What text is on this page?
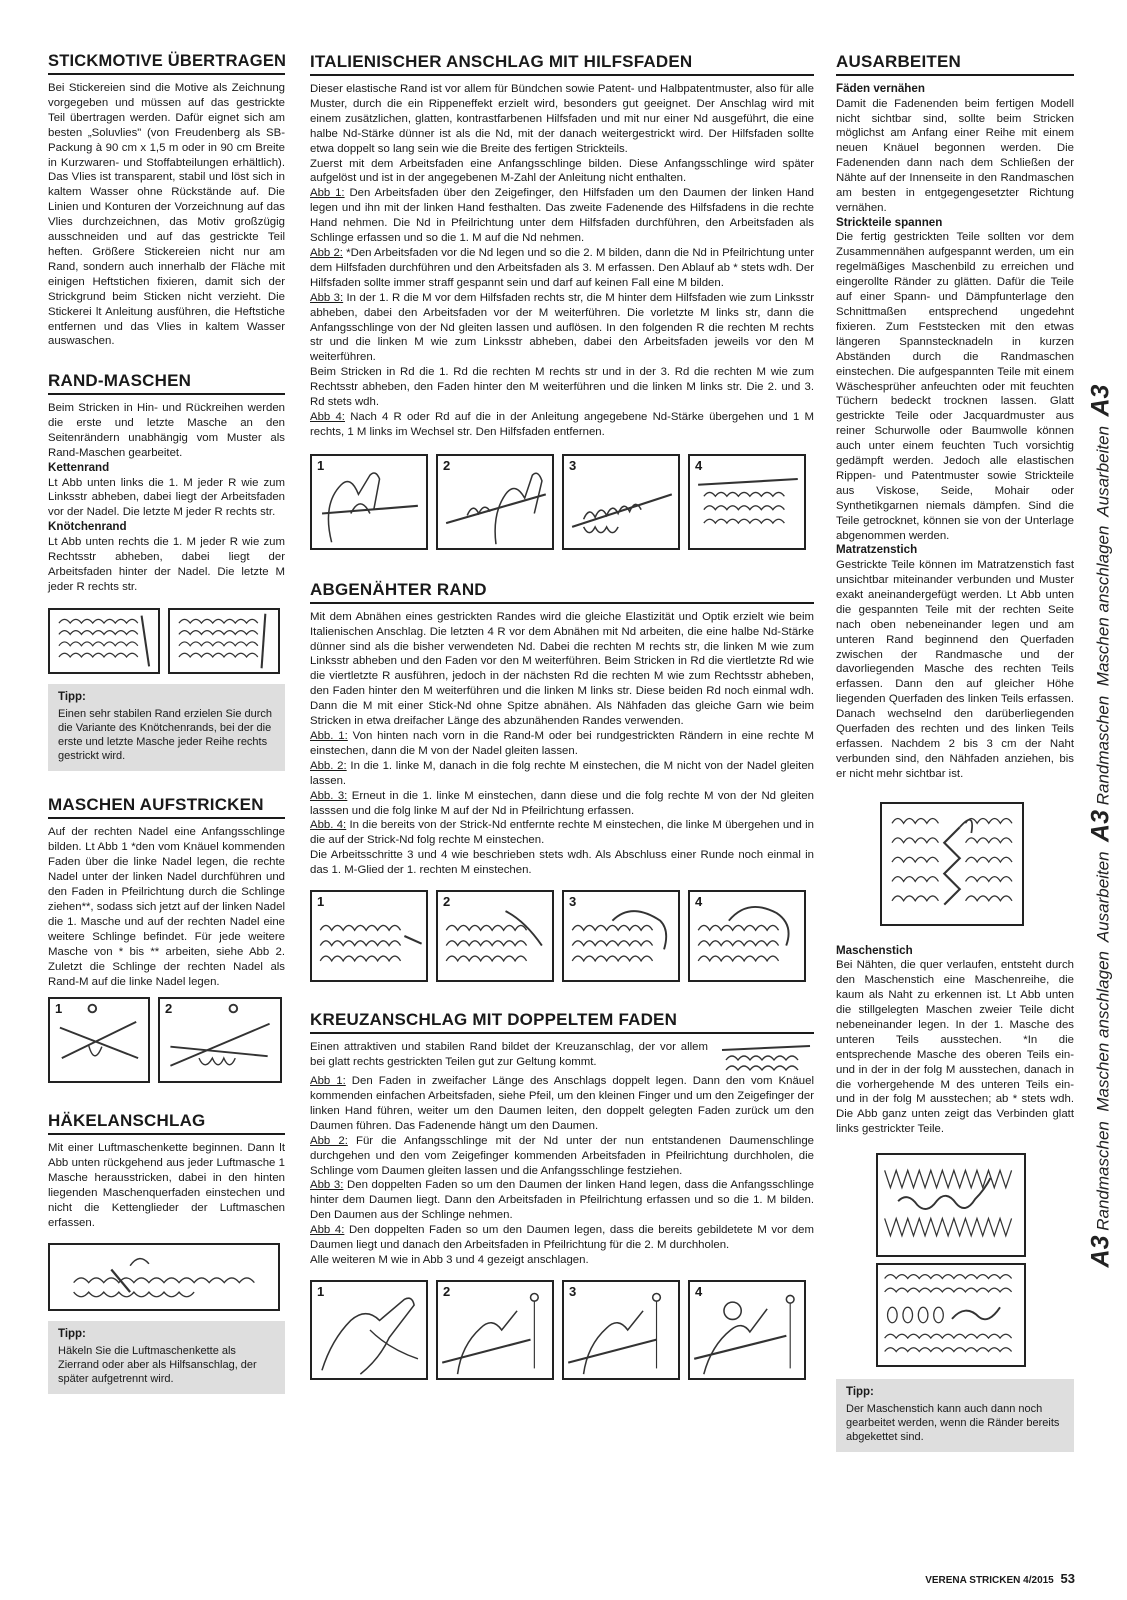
STICKMOTIVE ÜBERTRAGEN
Bei Stickereien sind die Motive als Zeichnung vorgegeben und müssen auf das gestrickte Teil übertragen werden. Dafür eignet sich am besten „Soluvlies" (von Freudenberg als SB-Packung à 90 cm x 1,5 m oder in 90 cm Breite in Kurzwaren- und Stoffabteilungen erhältlich). Das Vlies ist transparent, stabil und löst sich in kaltem Wasser ohne Rückstände auf. Die Linien und Konturen der Vorzeichnung auf das Vlies durchzeichnen, das Motiv großzügig ausschneiden und auf das gestrickte Teil heften. Größere Stickereien nicht nur am Rand, sondern auch innerhalb der Fläche mit einigen Heftstichen fixieren, damit sich der Strickgrund beim Sticken nicht verzieht. Die Stickerei lt Anleitung ausführen, die Heftstiche entfernen und das Vlies in kaltem Wasser auswaschen.
RAND-MASCHEN
Beim Stricken in Hin- und Rückreihen werden die erste und letzte Masche an den Seitenrändern unabhängig vom Muster als Rand-Maschen gearbeitet.
Kettenrand
Lt Abb unten links die 1. M jeder R wie zum Linksstr abheben, dabei liegt der Arbeitsfaden vor der Nadel. Die letzte M jeder R rechts str.
Knötchenrand
Lt Abb unten rechts die 1. M jeder R wie zum Rechtsstr abheben, dabei liegt der Arbeitsfaden hinter der Nadel. Die letzte M jeder R rechts str.
Tipp:
Einen sehr stabilen Rand erzielen Sie durch die Variante des Knötchenrands, bei der die erste und letzte Masche jeder Reihe rechts gestrickt wird.
MASCHEN AUFSTRICKEN
Auf der rechten Nadel eine Anfangsschlinge bilden. Lt Abb 1 *den vom Knäuel kommenden Faden über die linke Nadel legen, die rechte Nadel unter der linken Nadel durchführen und den Faden in Pfeilrichtung durch die Schlinge ziehen**, sodass sich jetzt auf der linken Nadel die 1. Masche und auf der rechten Nadel eine weitere Schlinge befindet. Für jede weitere Masche von * bis ** arbeiten, siehe Abb 2. Zuletzt die Schlinge der rechten Nadel als Rand-M auf die linke Nadel legen.
1	2
HÄKELANSCHLAG
Mit einer Luftmaschenkette beginnen. Dann lt Abb unten rückgehend aus jeder Luftmasche 1 Masche herausstricken, dabei in den hinten liegenden Maschenquerfaden einstechen und nicht die Kettenglieder der Luftmaschen erfassen.
Tipp:
Häkeln Sie die Luftmaschenkette als Zierrand oder aber als Hilfsanschlag, der später aufgetrennt wird.
ITALIENISCHER ANSCHLAG MIT HILFSFADEN
Dieser elastische Rand ist vor allem für Bündchen sowie Patent- und Halbpatentmuster, also für alle Muster, durch die ein Rippeneffekt erzielt wird, besonders gut geeignet. Der Anschlag wird mit einem zusätzlichen, glatten, kontrastfarbenen Hilfsfaden und mit nur einer Nd ausgeführt, die eine halbe Nd-Stärke dünner ist als die Nd, mit der danach weitergestrickt wird. Der Hilfsfaden sollte etwa doppelt so lang sein wie die Breite des fertigen Strickteils.
Zuerst mit dem Arbeitsfaden eine Anfangsschlinge bilden. Diese Anfangsschlinge wird später aufgelöst und ist in der angegebenen M-Zahl der Anleitung nicht enthalten.
Abb 1: Den Arbeitsfaden über den Zeigefinger, den Hilfsfaden um den Daumen der linken Hand legen und ihn mit der linken Hand festhalten. Das zweite Fadenende des Hilfsfadens in die rechte Hand nehmen. Die Nd in Pfeilrichtung unter dem Hilfsfaden durchführen, den Arbeitsfaden als Schlinge erfassen und so die 1. M auf die Nd nehmen.
Abb 2: *Den Arbeitsfaden vor die Nd legen und so die 2. M bilden, dann die Nd in Pfeilrichtung unter dem Hilfsfaden durchführen und den Arbeitsfaden als 3. M erfassen. Den Ablauf ab * stets wdh. Der Hilfsfaden sollte immer straff gespannt sein und darf auf keinen Fall eine M bilden.
Abb 3: In der 1. R die M vor dem Hilfsfaden rechts str, die M hinter dem Hilfsfaden wie zum Linksstr abheben, dabei den Arbeitsfaden vor der M weiterführen. Die vorletzte M links str, dann die Anfangsschlinge von der Nd gleiten lassen und auflösen. In den folgenden R die rechten M rechts str und die linken M wie zum Linksstr abheben, dabei den Arbeitsfaden jeweils vor den M weiterführen.
Beim Stricken in Rd die 1. Rd die rechten M rechts str und in der 3. Rd die rechten M wie zum Rechtsstr abheben, den Faden hinter den M weiterführen und die linken M links str. Die 2. und 3. Rd stets wdh.
Abb 4: Nach 4 R oder Rd auf die in der Anleitung angegebene Nd-Stärke übergehen und 1 M rechts, 1 M links im Wechsel str. Den Hilfsfaden entfernen.
1	2	3	4
ABGENÄHTER RAND
Mit dem Abnähen eines gestrickten Randes wird die gleiche Elastizität und Optik erzielt wie beim Italienischen Anschlag. Die letzten 4 R vor dem Abnähen mit Nd arbeiten, die eine halbe Nd-Stärke dünner sind als die bisher verwendeten Nd. Dabei die rechten M rechts str, die linken M wie zum Linksstr abheben und den Faden vor den M weiterführen. Beim Stricken in Rd die viertletzte Rd wie die viertletzte R ausführen, jedoch in der nächsten Rd die rechten M wie zum Rechtsstr abheben, den Faden hinter den M weiterführen und die linken M links str. Diese beiden Rd noch einmal wdh. Dann die M mit einer Stick-Nd ohne Spitze abnähen. Als Nähfaden das gleiche Garn wie beim Stricken in etwa dreifacher Länge des abzunähenden Randes verwenden.
Abb. 1: Von hinten nach vorn in die Rand-M oder bei rundgestrickten Rändern in eine rechte M einstechen, dann die M von der Nadel gleiten lassen.
Abb. 2: In die 1. linke M, danach in die folg rechte M einstechen, die M nicht von der Nadel gleiten lassen.
Abb. 3: Erneut in die 1. linke M einstechen, dann diese und die folg rechte M von der Nd gleiten lasssen und die folg linke M auf der Nd in Pfeilrichtung erfassen.
Abb. 4: In die bereits von der Strick-Nd entfernte rechte M einstechen, die linke M übergehen und in die auf der Strick-Nd folg rechte M einstechen.
Die Arbeitsschritte 3 und 4 wie beschrieben stets wdh. Als Abschluss einer Runde noch einmal in das 1. M-Glied der 1. rechten M einstechen.
1	2	3	4
KREUZANSCHLAG MIT DOPPELTEM FADEN
Einen attraktiven und stabilen Rand bildet der Kreuzanschlag, der vor allem bei glatt rechts gestrickten Teilen gut zur Geltung kommt.
Abb 1: Den Faden in zweifacher Länge des Anschlags doppelt legen. Dann den vom Knäuel kommenden einfachen Arbeitsfaden, siehe Pfeil, um den kleinen Finger und um den Zeigefinger der linken Hand führen, weiter um den Daumen leiten, den doppelt gelegten Faden zurück um den Daumen führen. Das Fadenende hängt um den Daumen.
Abb 2: Für die Anfangsschlinge mit der Nd unter der nun entstandenen Daumenschlinge durchgehen und den vom Zeigefinger kommenden Arbeitsfaden in Pfeilrichtung durchholen, die Schlinge vom Daumen gleiten lassen und die Anfangsschlinge festziehen.
Abb 3: Den doppelten Faden so um den Daumen der linken Hand legen, dass die Anfangsschlinge hinter dem Daumen liegt. Dann den Arbeitsfaden in Pfeilrichtung erfassen und so die 1. M bilden. Den Daumen aus der Schlinge nehmen.
Abb 4: Den doppelten Faden so um den Daumen legen, dass die bereits gebildetete M vor dem Daumen liegt und danach den Arbeitsfaden in Pfeilrichtung für die 2. M durchholen.
Alle weiteren M wie in Abb 3 und 4 gezeigt anschlagen.
1	2	3	4
AUSARBEITEN
Fäden vernähen
Damit die Fadenenden beim fertigen Modell nicht sichtbar sind, sollte beim Stricken möglichst am Anfang einer Reihe mit einem neuen Knäuel begonnen werden. Die Fadenenden dann nach dem Schließen der Nähte auf der Innenseite in den Randmaschen am besten in entgegengesetzter Richtung vernähen.
Strickteile spannen
Die fertig gestrickten Teile sollten vor dem Zusammennähen aufgespannt werden, um ein regelmäßiges Maschenbild zu erreichen und eingerollte Ränder zu glätten. Dafür die Teile auf einer Spann- und Dämpfunterlage den Schnittmaßen entsprechend ungedehnt fixieren. Zum Feststecken mit den etwas längeren Spannstecknadeln in kurzen Abständen durch die Randmaschen einstechen. Die aufgespannten Teile mit einem Wäschesprüher anfeuchten oder mit feuchten Tüchern bedeckt trocknen lassen. Glatt gestrickte Teile oder Jacquardmuster aus reiner Schurwolle oder Baumwolle können auch unter einem feuchten Tuch vorsichtig gedämpft werden. Jedoch alle elastischen Rippen- und Patentmuster sowie Strickteile aus Viskose, Seide, Mohair oder Synthetikgarnen niemals dämpfen. Sind die Teile getrocknet, können sie von der Unterlage abgenommen werden.
Matratzenstich
Gestrickte Teile können im Matratzenstich fast unsichtbar miteinander verbunden und Muster exakt aneinandergefügt werden. Lt Abb unten die gespannten Teile mit der rechten Seite nach oben nebeneinander legen und am unteren Rand beginnend den Querfaden zwischen der Randmasche und der davorliegenden Masche des rechten Teils erfassen. Dann den auf gleicher Höhe liegenden Querfaden des linken Teils erfassen. Danach wechselnd den darüberliegenden Querfaden des rechten und des linken Teils erfassen. Nachdem 2 bis 3 cm der Naht verbunden sind, den Nähfaden anziehen, bis er nicht mehr sichtbar ist.
Maschenstich
Bei Nähten, die quer verlaufen, entsteht durch den Maschenstich eine Maschenreihe, die kaum als Naht zu erkennen ist. Lt Abb unten die stillgelegten Maschen zweier Teile dicht nebeneinander legen. In der 1. Masche des unteren Teils ausstechen. *In die entsprechende Masche des oberen Teils ein- und in der in der folg M ausstechen, danach in die vorhergehende M des unteren Teils ein- und in der folg M ausstechen; ab * stets wdh. Die Abb ganz unten zeigt das Verbinden glatt links gestrickter Teile.
Tipp:
Der Maschenstich kann auch dann noch gearbeitet werden, wenn die Ränder bereits abgekettet sind.
A3 Randmaschen  Maschen anschlagen  Ausarbeiten  A3 Randmaschen  Maschen anschlagen  Ausarbeiten  A3
VERENA STRICKEN 4/2015 53
